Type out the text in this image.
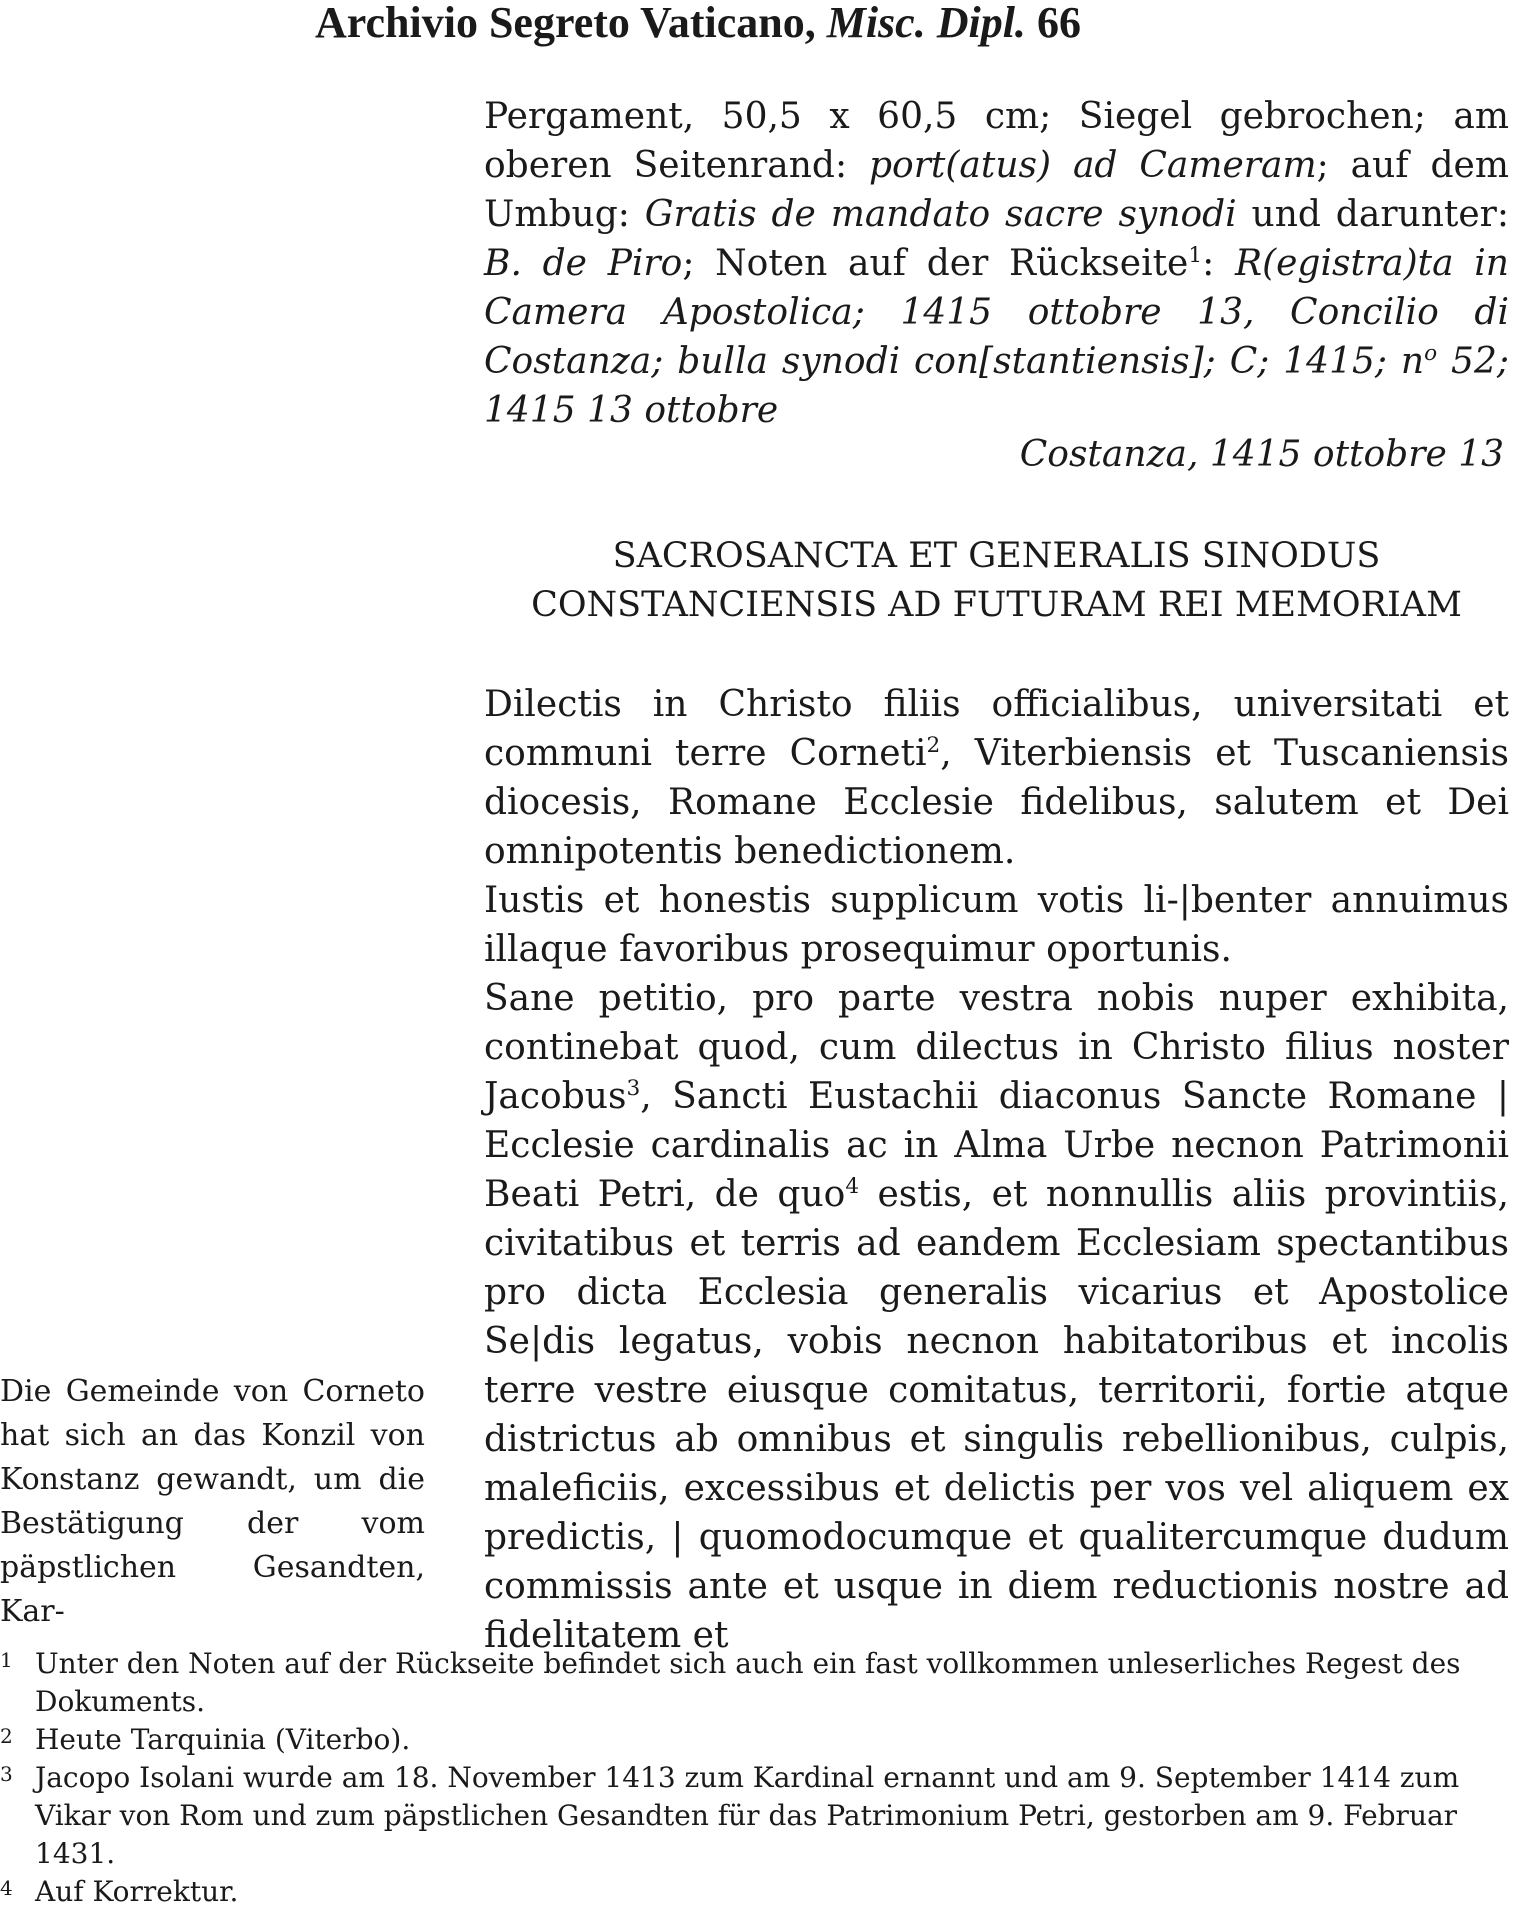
Archivio Segreto Vaticano, Misc. Dipl. 66

Pergament, 50,5 x 60,5 cm; Siegel gebrochen; am oberen Seitenrand: port(atus) ad Cameram; auf dem Umbug: Gratis de mandato sacre synodi und darunter: B. de Piro; Noten auf der Rückseite$^1$: R(egistra)ta in Camera Apostolica; 1415 ottobre 13, Concilio di Costanza; bulla synodi con[stantiensis]; C; 1415; $n^o$ 52; 1415 13 ottobre

Costanza, 1415 ottobre 13
SACROSANCTA ET GENERALIS SINODUS
CONSTANCIENSIS AD FUTURAM REI MEMORIAM

Dilectis in Christo filiis officialibus, universitati et communi terre Corneti$^2$, Viterbiensis et Tuscaniensis diocesis, Romane Ecclesie fidelibus, salutem et Dei omnipotentis benedictionem.

Iustis et honestis supplicum votis li-|benter annuimus illaque favoribus prosequimur oportunis.

Sane petitio, pro parte vestra nobis nuper exhibita, continebat quod, cum dilectus in Christo filius noster Jacobus$^3$, Sancti Eustachii diaconus Sancte Romane | Ecclesie cardinalis ac in Alma Urbe necnon Patrimonii Beati Petri, de quo$^4$ estis, et nonnullis aliis provintiis, civitatibus et terris ad eandem Ecclesiam spectantibus pro dicta Ecclesia generalis vicarius et Apostolice Se|dis legatus, vobis necnon habitatoribus et incolis terre vestre eiusque comitatus, territorii, fortie atque districtus ab omnibus et singulis rebellionibus, culpis, maleficiis, excessibus et delictis per vos vel aliquem ex predictis, | quomodocumque et qualitercumque dudum commissis ante et usque in diem reductionis nostre ad fidelitatem et

Die Gemeinde von Corneto hat sich an das Konzil von Konstanz gewandt, um die Bestätigung der vom päpstlichen Gesandten, Kar-
1 Unter den Noten auf der Rückseite befindet sich auch ein fast vollkommen unleserliches Regest des Dokuments.
2 Heute Tarquinia (Viterbo).
3 Jacopo Isolani wurde am 18. November 1413 zum Kardinal ernannt und am 9. September 1414 zum Vikar von Rom und zum päpstlichen Gesandten für das Patrimonium Petri, gestorben am 9. Februar 1431.
4 Auf Korrektur.
